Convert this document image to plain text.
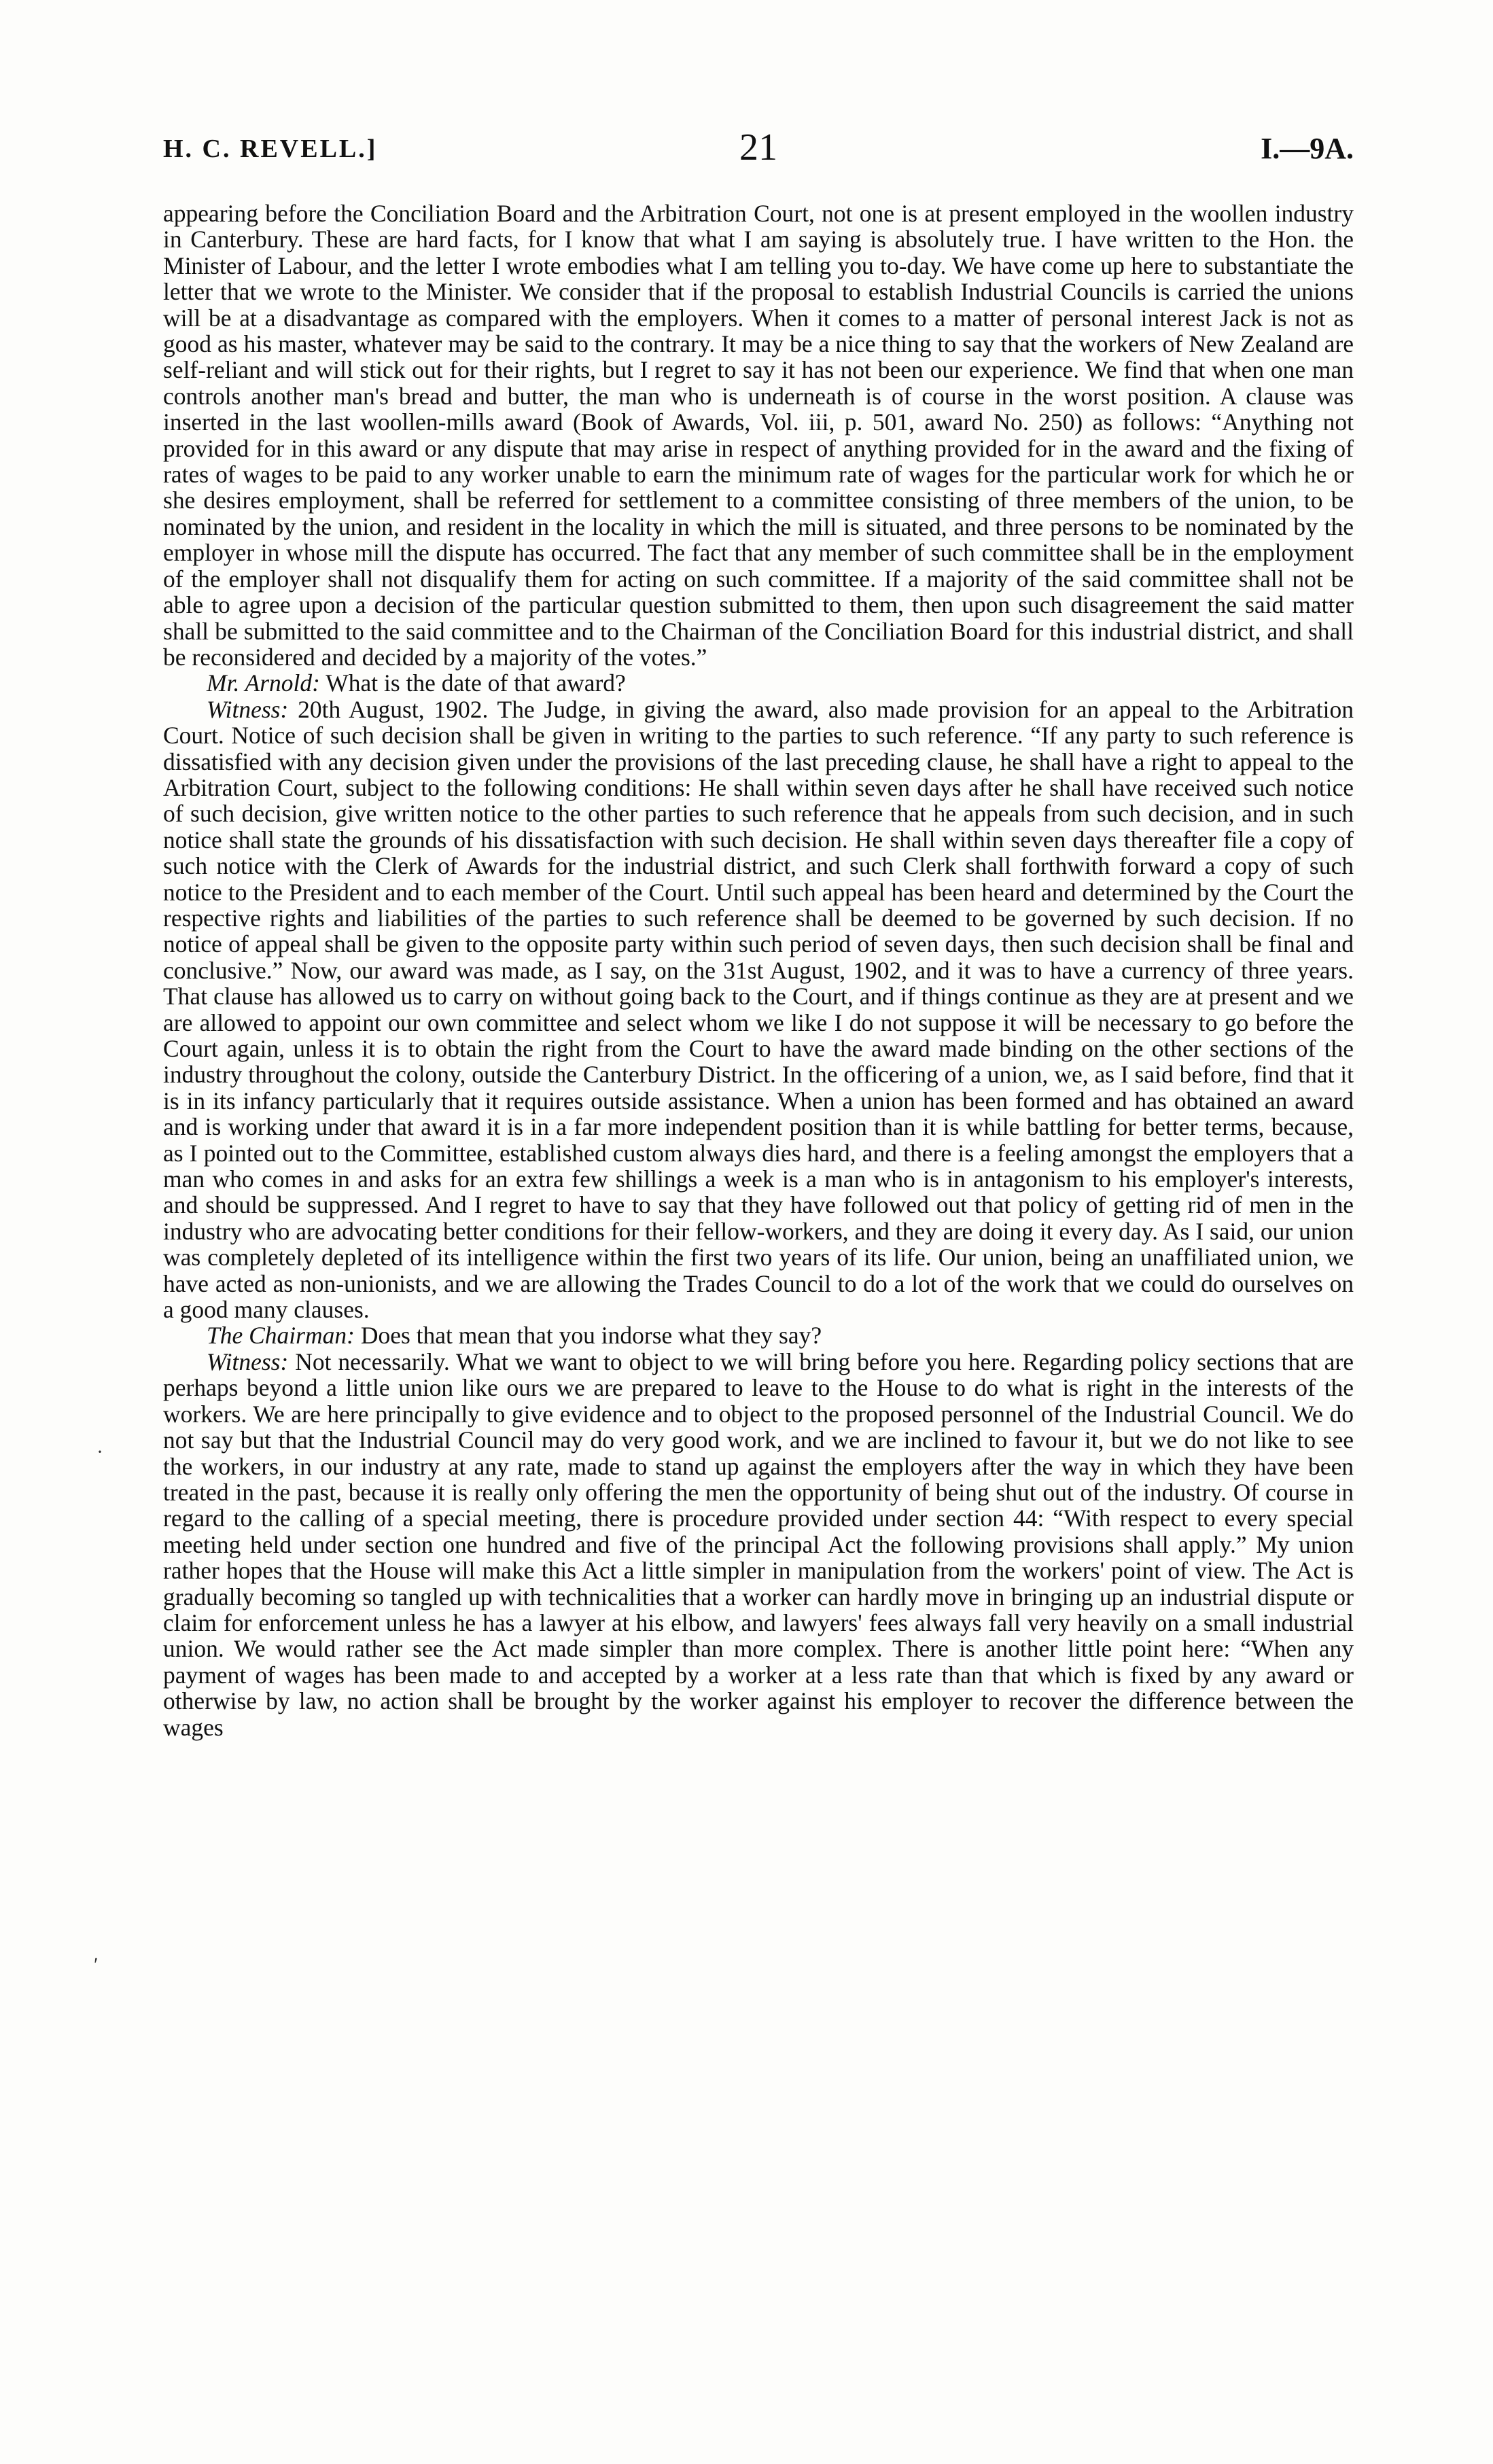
H. C. REVELL.]	21	I.—9A.

appearing before the Conciliation Board and the Arbitration Court, not one is at present employed in the woollen industry in Canterbury. These are hard facts, for I know that what I am saying is absolutely true. I have written to the Hon. the Minister of Labour, and the letter I wrote embodies what I am telling you to-day. We have come up here to substantiate the letter that we wrote to the Minister. We consider that if the proposal to establish Industrial Councils is carried the unions will be at a disadvantage as compared with the employers. When it comes to a matter of personal interest Jack is not as good as his master, whatever may be said to the contrary. It may be a nice thing to say that the workers of New Zealand are self-reliant and will stick out for their rights, but I regret to say it has not been our experience. We find that when one man controls another man's bread and butter, the man who is underneath is of course in the worst position. A clause was inserted in the last woollen-mills award (Book of Awards, Vol. iii, p. 501, award No. 250) as follows: “Anything not provided for in this award or any dispute that may arise in respect of anything provided for in the award and the fixing of rates of wages to be paid to any worker unable to earn the minimum rate of wages for the particular work for which he or she desires employment, shall be referred for settlement to a committee consisting of three members of the union, to be nominated by the union, and resident in the locality in which the mill is situated, and three persons to be nominated by the employer in whose mill the dispute has occurred. The fact that any member of such committee shall be in the employment of the employer shall not disqualify them for acting on such committee. If a majority of the said committee shall not be able to agree upon a decision of the particular question submitted to them, then upon such disagreement the said matter shall be submitted to the said committee and to the Chairman of the Conciliation Board for this industrial district, and shall be reconsidered and decided by a majority of the votes.”

Mr. Arnold: What is the date of that award?

Witness: 20th August, 1902. The Judge, in giving the award, also made provision for an appeal to the Arbitration Court. Notice of such decision shall be given in writing to the parties to such reference. “If any party to such reference is dissatisfied with any decision given under the provisions of the last preceding clause, he shall have a right to appeal to the Arbitration Court, subject to the following conditions: He shall within seven days after he shall have received such notice of such decision, give written notice to the other parties to such reference that he appeals from such decision, and in such notice shall state the grounds of his dissatisfaction with such decision. He shall within seven days thereafter file a copy of such notice with the Clerk of Awards for the industrial district, and such Clerk shall forthwith forward a copy of such notice to the President and to each member of the Court. Until such appeal has been heard and determined by the Court the respective rights and liabilities of the parties to such reference shall be deemed to be governed by such decision. If no notice of appeal shall be given to the opposite party within such period of seven days, then such decision shall be final and conclusive.” Now, our award was made, as I say, on the 31st August, 1902, and it was to have a currency of three years. That clause has allowed us to carry on without going back to the Court, and if things continue as they are at present and we are allowed to appoint our own committee and select whom we like I do not suppose it will be necessary to go before the Court again, unless it is to obtain the right from the Court to have the award made binding on the other sections of the industry throughout the colony, outside the Canterbury District. In the officering of a union, we, as I said before, find that it is in its infancy particularly that it requires outside assistance. When a union has been formed and has obtained an award and is working under that award it is in a far more independent position than it is while battling for better terms, because, as I pointed out to the Committee, established custom always dies hard, and there is a feeling amongst the employers that a man who comes in and asks for an extra few shillings a week is a man who is in antagonism to his employer's interests, and should be suppressed. And I regret to have to say that they have followed out that policy of getting rid of men in the industry who are advocating better conditions for their fellow-workers, and they are doing it every day. As I said, our union was completely depleted of its intelligence within the first two years of its life. Our union, being an unaffiliated union, we have acted as non-unionists, and we are allowing the Trades Council to do a lot of the work that we could do ourselves on a good many clauses.

The Chairman: Does that mean that you indorse what they say?

Witness: Not necessarily. What we want to object to we will bring before you here. Regarding policy sections that are perhaps beyond a little union like ours we are prepared to leave to the House to do what is right in the interests of the workers. We are here principally to give evidence and to object to the proposed personnel of the Industrial Council. We do not say but that the Industrial Council may do very good work, and we are inclined to favour it, but we do not like to see the workers, in our industry at any rate, made to stand up against the employers after the way in which they have been treated in the past, because it is really only offering the men the opportunity of being shut out of the industry. Of course in regard to the calling of a special meeting, there is procedure provided under section 44: “With respect to every special meeting held under section one hundred and five of the principal Act the following provisions shall apply.” My union rather hopes that the House will make this Act a little simpler in manipulation from the workers' point of view. The Act is gradually becoming so tangled up with technicalities that a worker can hardly move in bringing up an industrial dispute or claim for enforcement unless he has a lawyer at his elbow, and lawyers' fees always fall very heavily on a small industrial union. We would rather see the Act made simpler than more complex. There is another little point here: “When any payment of wages has been made to and accepted by a worker at a less rate than that which is fixed by any award or otherwise by law, no action shall be brought by the worker against his employer to recover the difference between the wages

·
ʹ
